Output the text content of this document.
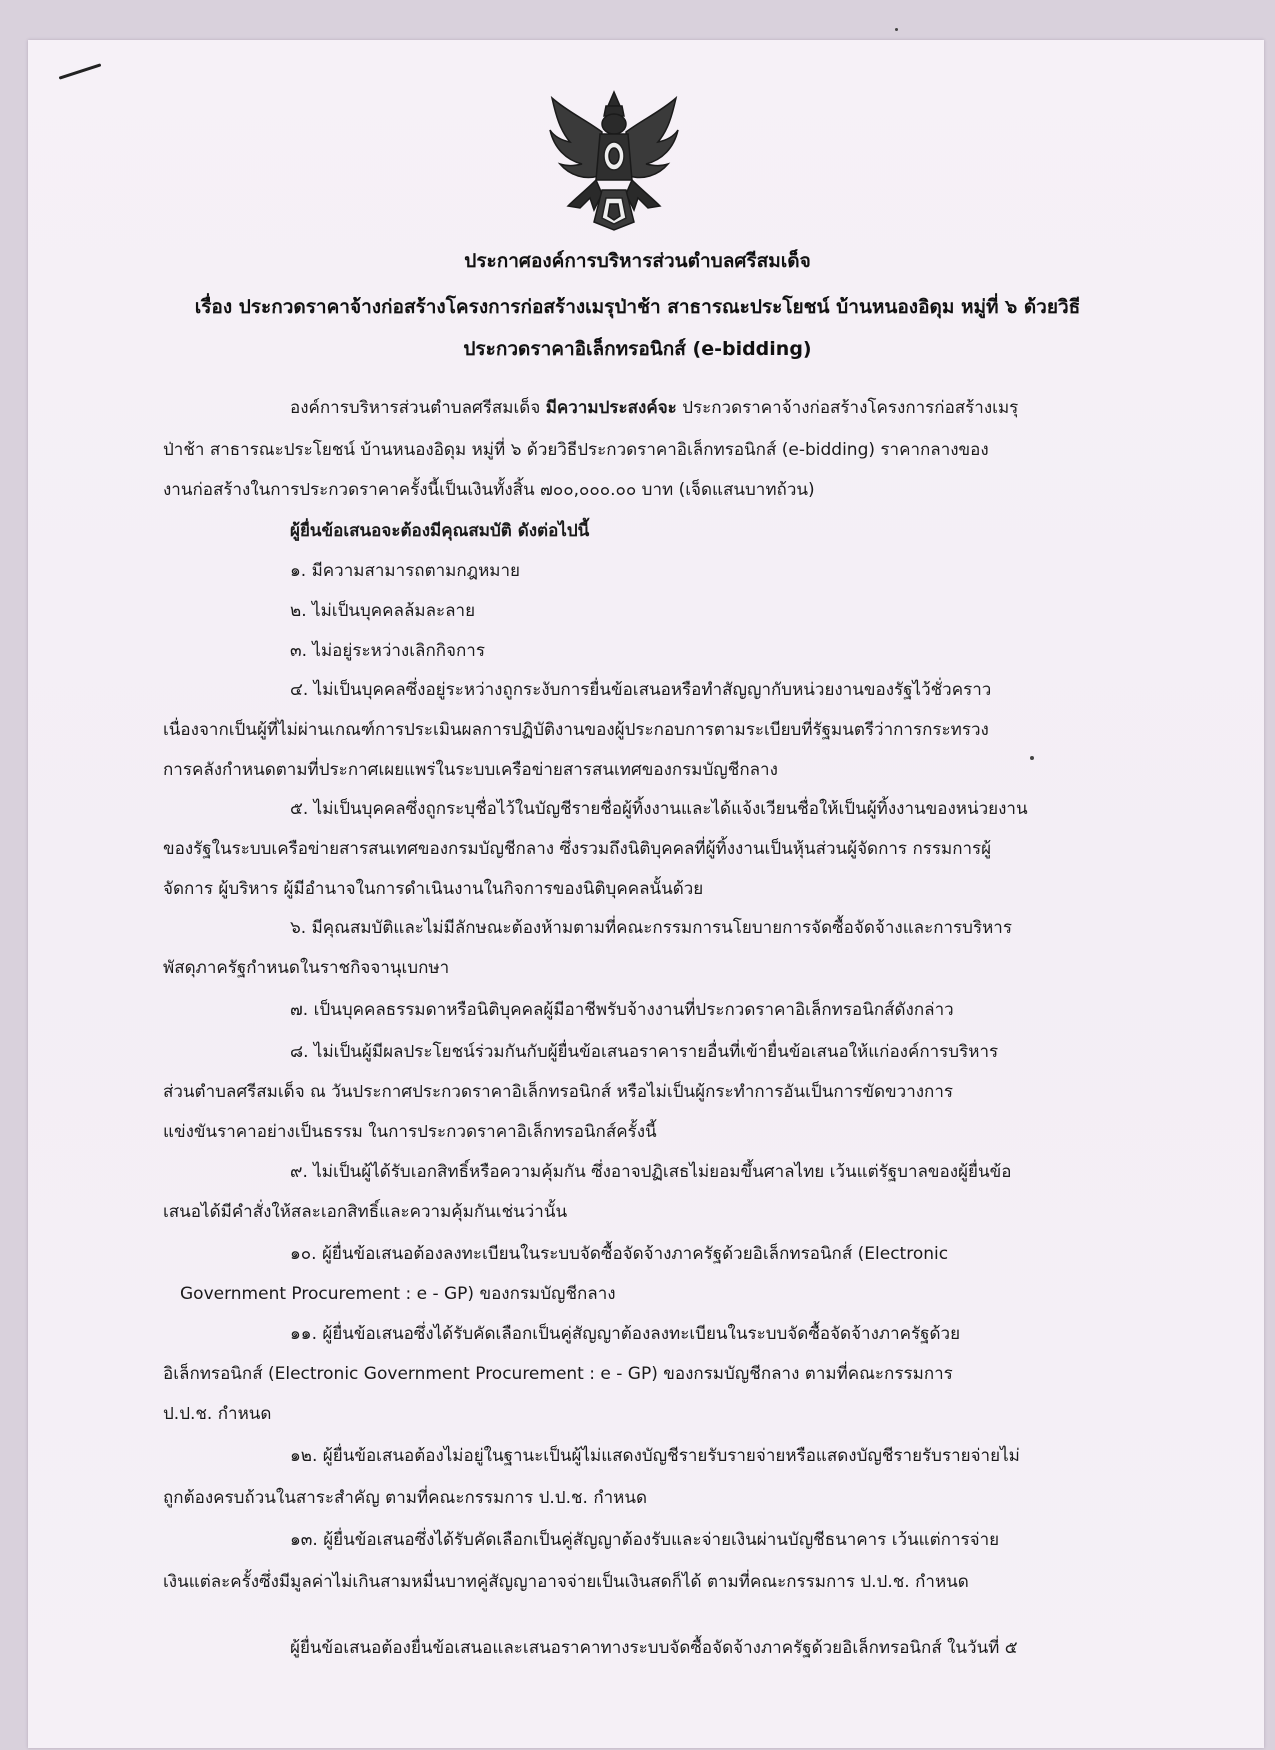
ประกาศองค์การบริหารส่วนตำบลศรีสมเด็จ
เรื่อง ประกวดราคาจ้างก่อสร้างโครงการก่อสร้างเมรุป่าช้า สาธารณะประโยชน์ บ้านหนองอิดุม หมู่ที่ ๖ ด้วยวิธี
ประกวดราคาอิเล็กทรอนิกส์ (e-bidding)
องค์การบริหารส่วนตำบลศรีสมเด็จ มีความประสงค์จะ ประกวดราคาจ้างก่อสร้างโครงการก่อสร้างเมรุ
ป่าช้า สาธารณะประโยชน์ บ้านหนองอิดุม หมู่ที่ ๖ ด้วยวิธีประกวดราคาอิเล็กทรอนิกส์ (e-bidding) ราคากลางของ
งานก่อสร้างในการประกวดราคาครั้งนี้เป็นเงินทั้งสิ้น ๗๐๐,๐๐๐.๐๐ บาท (เจ็ดแสนบาทถ้วน)
ผู้ยื่นข้อเสนอจะต้องมีคุณสมบัติ ดังต่อไปนี้
๑. มีความสามารถตามกฎหมาย
๒. ไม่เป็นบุคคลล้มละลาย
๓. ไม่อยู่ระหว่างเลิกกิจการ
๔. ไม่เป็นบุคคลซึ่งอยู่ระหว่างถูกระงับการยื่นข้อเสนอหรือทำสัญญากับหน่วยงานของรัฐไว้ชั่วคราว
เนื่องจากเป็นผู้ที่ไม่ผ่านเกณฑ์การประเมินผลการปฏิบัติงานของผู้ประกอบการตามระเบียบที่รัฐมนตรีว่าการกระทรวง
การคลังกำหนดตามที่ประกาศเผยแพร่ในระบบเครือข่ายสารสนเทศของกรมบัญชีกลาง
๕. ไม่เป็นบุคคลซึ่งถูกระบุชื่อไว้ในบัญชีรายชื่อผู้ทิ้งงานและได้แจ้งเวียนชื่อให้เป็นผู้ทิ้งงานของหน่วยงาน
ของรัฐในระบบเครือข่ายสารสนเทศของกรมบัญชีกลาง ซึ่งรวมถึงนิติบุคคลที่ผู้ทิ้งงานเป็นหุ้นส่วนผู้จัดการ กรรมการผู้
จัดการ ผู้บริหาร ผู้มีอำนาจในการดำเนินงานในกิจการของนิติบุคคลนั้นด้วย
๖. มีคุณสมบัติและไม่มีลักษณะต้องห้ามตามที่คณะกรรมการนโยบายการจัดซื้อจัดจ้างและการบริหาร
พัสดุภาครัฐกำหนดในราชกิจจานุเบกษา
๗. เป็นบุคคลธรรมดาหรือนิติบุคคลผู้มีอาชีพรับจ้างงานที่ประกวดราคาอิเล็กทรอนิกส์ดังกล่าว
๘. ไม่เป็นผู้มีผลประโยชน์ร่วมกันกับผู้ยื่นข้อเสนอราคารายอื่นที่เข้ายื่นข้อเสนอให้แก่องค์การบริหาร
ส่วนตำบลศรีสมเด็จ ณ วันประกาศประกวดราคาอิเล็กทรอนิกส์ หรือไม่เป็นผู้กระทำการอันเป็นการขัดขวางการ
แข่งขันราคาอย่างเป็นธรรม ในการประกวดราคาอิเล็กทรอนิกส์ครั้งนี้
๙. ไม่เป็นผู้ได้รับเอกสิทธิ์หรือความคุ้มกัน ซึ่งอาจปฏิเสธไม่ยอมขึ้นศาลไทย เว้นแต่รัฐบาลของผู้ยื่นข้อ
เสนอได้มีคำสั่งให้สละเอกสิทธิ์และความคุ้มกันเช่นว่านั้น
๑๐. ผู้ยื่นข้อเสนอต้องลงทะเบียนในระบบจัดซื้อจัดจ้างภาครัฐด้วยอิเล็กทรอนิกส์ (Electronic
Government Procurement : e - GP) ของกรมบัญชีกลาง
๑๑. ผู้ยื่นข้อเสนอซึ่งได้รับคัดเลือกเป็นคู่สัญญาต้องลงทะเบียนในระบบจัดซื้อจัดจ้างภาครัฐด้วย
อิเล็กทรอนิกส์ (Electronic Government Procurement : e - GP) ของกรมบัญชีกลาง ตามที่คณะกรรมการ
ป.ป.ช. กำหนด
๑๒. ผู้ยื่นข้อเสนอต้องไม่อยู่ในฐานะเป็นผู้ไม่แสดงบัญชีรายรับรายจ่ายหรือแสดงบัญชีรายรับรายจ่ายไม่
ถูกต้องครบถ้วนในสาระสำคัญ ตามที่คณะกรรมการ ป.ป.ช. กำหนด
๑๓. ผู้ยื่นข้อเสนอซึ่งได้รับคัดเลือกเป็นคู่สัญญาต้องรับและจ่ายเงินผ่านบัญชีธนาคาร เว้นแต่การจ่าย
เงินแต่ละครั้งซึ่งมีมูลค่าไม่เกินสามหมื่นบาทคู่สัญญาอาจจ่ายเป็นเงินสดก็ได้ ตามที่คณะกรรมการ ป.ป.ช. กำหนด
ผู้ยื่นข้อเสนอต้องยื่นข้อเสนอและเสนอราคาทางระบบจัดซื้อจัดจ้างภาครัฐด้วยอิเล็กทรอนิกส์ ในวันที่ ๕
